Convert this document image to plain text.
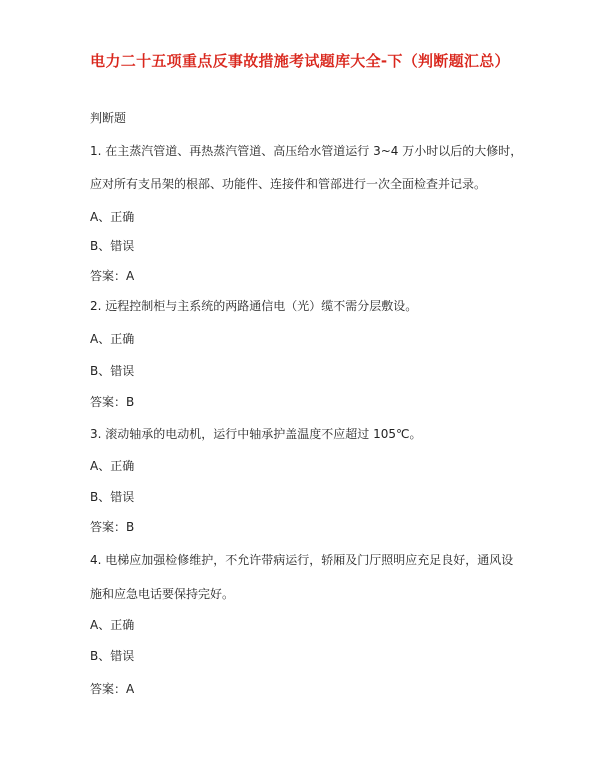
电力二十五项重点反事故措施考试题库大全-下（判断题汇总）
判断题
1. 在主蒸汽管道、再热蒸汽管道、高压给水管道运行 3~4 万小时以后的大修时，
应对所有支吊架的根部、功能件、连接件和管部进行一次全面检查并记录。
A、正确
B、错误
答案：A
2. 远程控制柜与主系统的两路通信电（光）缆不需分层敷设。
A、正确
B、错误
答案：B
3. 滚动轴承的电动机，运行中轴承护盖温度不应超过 105℃。
A、正确
B、错误
答案：B
4. 电梯应加强检修维护，不允许带病运行，轿厢及门厅照明应充足良好，通风设
施和应急电话要保持完好。
A、正确
B、错误
答案：A
